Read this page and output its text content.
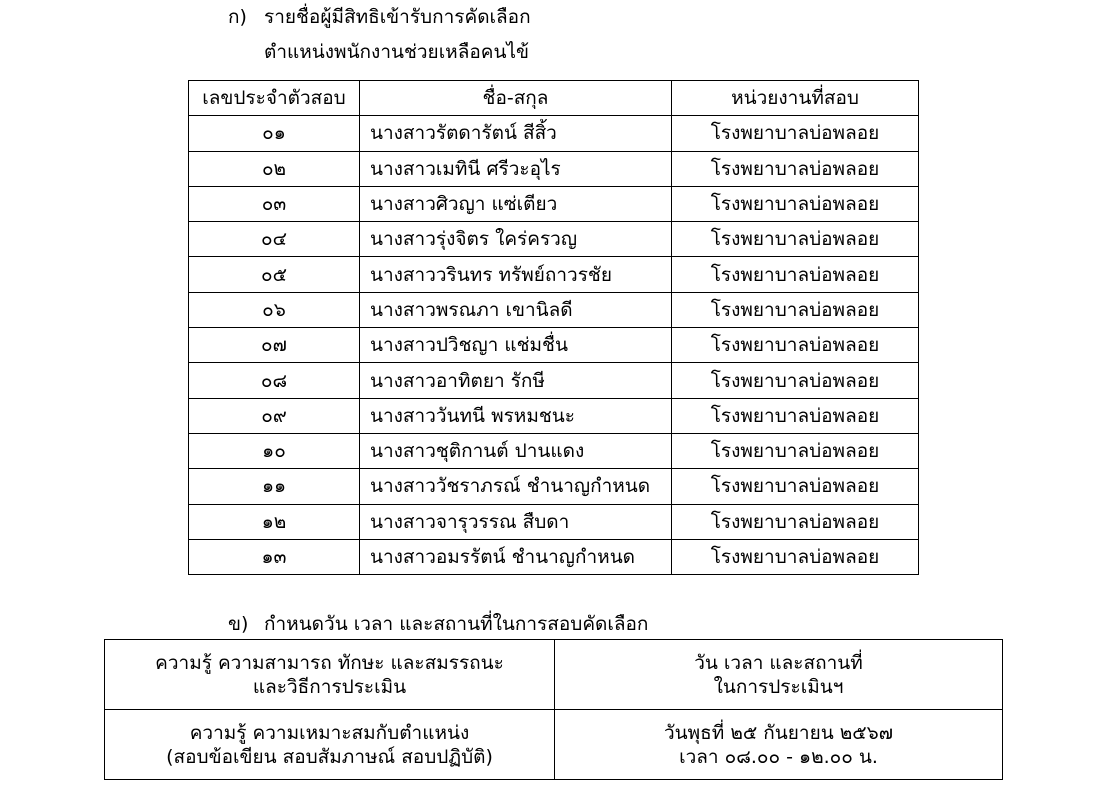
ก) รายชื่อผู้มีสิทธิเข้ารับการคัดเลือก
ตำแหน่งพนักงานช่วยเหลือคนไข้
เลขประจำตัวสอบ	ชื่อ-สกุล	หน่วยงานที่สอบ
๐๑	นางสาวรัตดารัตน์ สีสิ้ว	โรงพยาบาลบ่อพลอย
๐๒	นางสาวเมทินี ศรีวะอุไร	โรงพยาบาลบ่อพลอย
๐๓	นางสาวศิวญา แซ่เตียว	โรงพยาบาลบ่อพลอย
๐๔	นางสาวรุ่งจิตร ใคร่ครวญ	โรงพยาบาลบ่อพลอย
๐๕	นางสาววรินทร ทรัพย์ถาวรชัย	โรงพยาบาลบ่อพลอย
๐๖	นางสาวพรณภา เขานิลดี	โรงพยาบาลบ่อพลอย
๐๗	นางสาวปวิชญา แช่มชื่น	โรงพยาบาลบ่อพลอย
๐๘	นางสาวอาทิตยา รักษี	โรงพยาบาลบ่อพลอย
๐๙	นางสาววันทนี พรหมชนะ	โรงพยาบาลบ่อพลอย
๑๐	นางสาวชุติกานต์ ปานแดง	โรงพยาบาลบ่อพลอย
๑๑	นางสาววัชราภรณ์ ชำนาญกำหนด	โรงพยาบาลบ่อพลอย
๑๒	นางสาวจารุวรรณ สืบดา	โรงพยาบาลบ่อพลอย
๑๓	นางสาวอมรรัตน์ ชำนาญกำหนด	โรงพยาบาลบ่อพลอย
ข) กำหนดวัน เวลา และสถานที่ในการสอบคัดเลือก
ความรู้ ความสามารถ ทักษะ และสมรรถนะ
และวิธีการประเมิน	วัน เวลา และสถานที่
ในการประเมินฯ

ความรู้ ความเหมาะสมกับตำแหน่ง
(สอบข้อเขียน สอบสัมภาษณ์ สอบปฏิบัติ)	วันพุธที่ ๒๕ กันยายน ๒๕๖๗
เวลา ๐๘.๐๐ - ๑๒.๐๐ น.
